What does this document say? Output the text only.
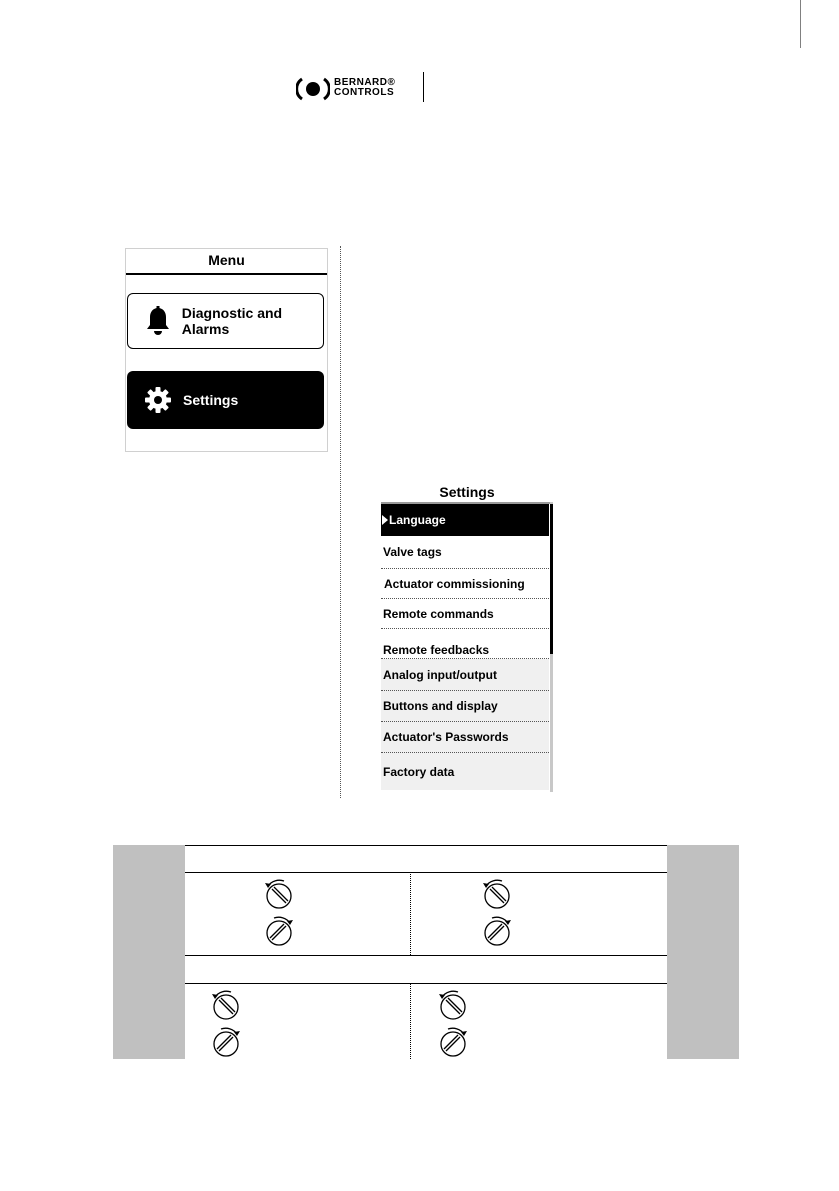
BERNARD®
CONTROLS
Menu
Diagnostic and Alarms
Settings
Settings
Language
Valve tags
Actuator commissioning
Remote commands
Remote feedbacks
Analog input/output
Buttons and display
Actuator's Passwords
Factory data
